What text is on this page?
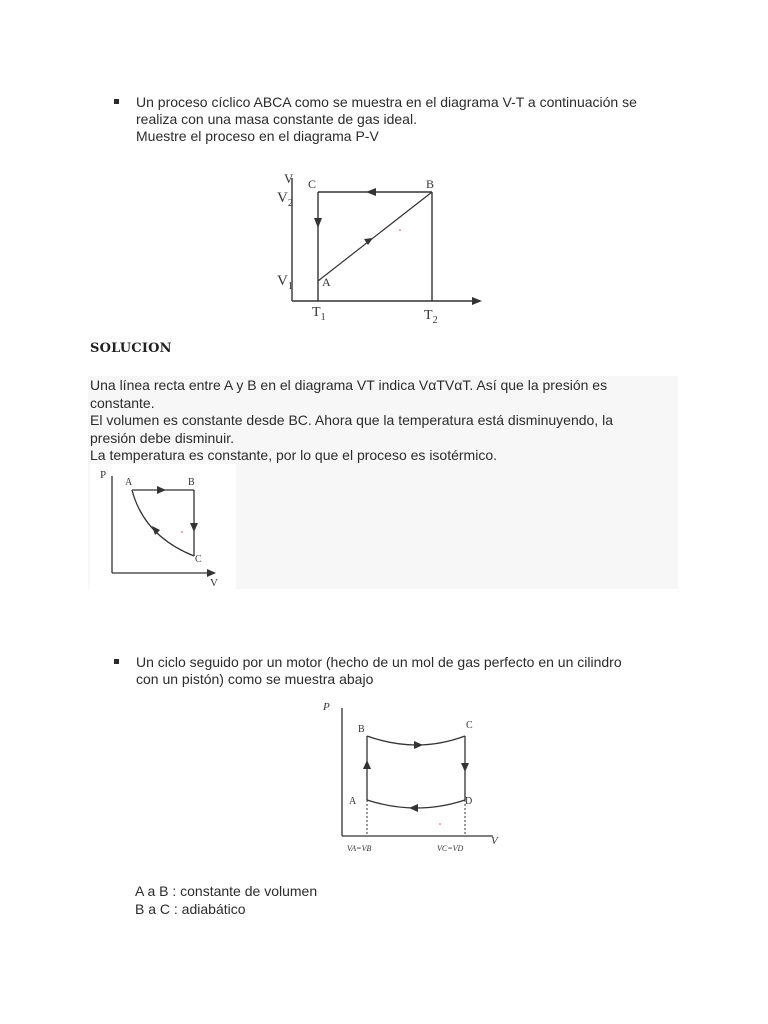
Un proceso cíclico ABCA como se muestra en el diagrama V-T a continuación se
realiza con una masa constante de gas ideal.
Muestre el proceso en el diagrama P-V
V
$V_2$
$V_1$
$T_1$	$T_2$
A
B
C
SOLUCION
Una línea recta entre A y B en el diagrama VT indica VαTVαT. Así que la presión es
constante.
El volumen es constante desde BC. Ahora que la temperatura está disminuyendo, la
presión debe disminuir.
La temperatura es constante, por lo que el proceso es isotérmico.
P
V
A	B
C
Un ciclo seguido por un motor (hecho de un mol de gas perfecto en un cilindro
con un pistón) como se muestra abajo
P
V
B	C
A	D
VA=VB	VC=VD
A a B : constante de volumen
B a C : adiabático
